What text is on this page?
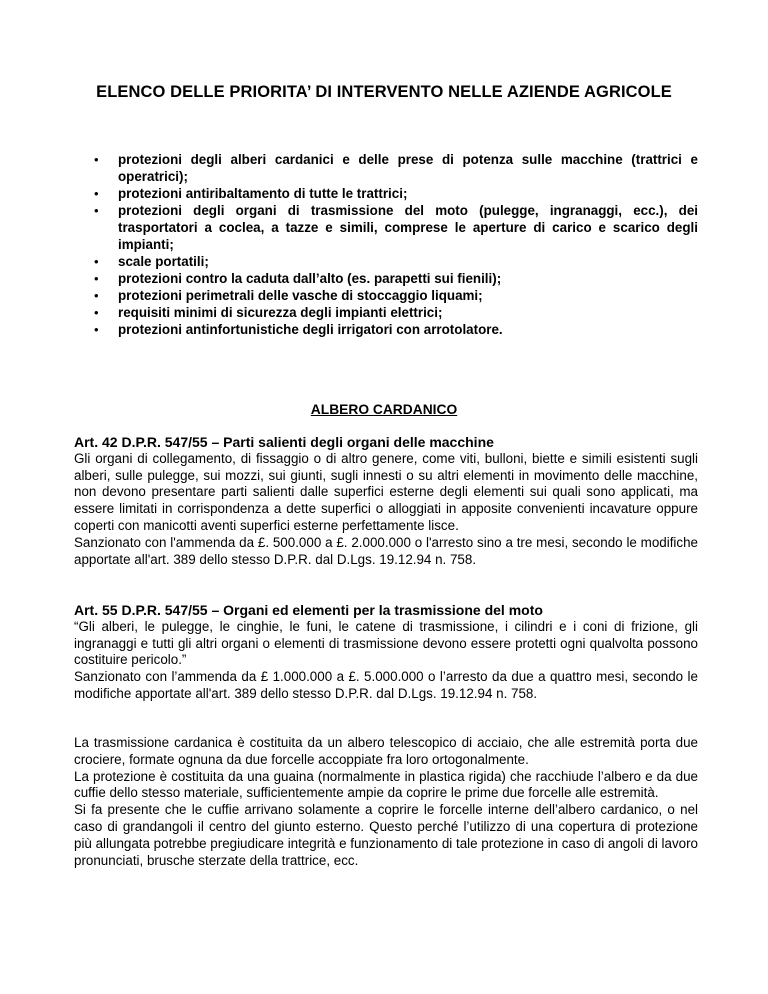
ELENCO DELLE PRIORITA’ DI INTERVENTO NELLE AZIENDE AGRICOLE
• protezioni degli alberi cardanici e delle prese di potenza sulle macchine (trattrici e operatrici);
• protezioni antiribaltamento di tutte le trattrici;
• protezioni degli organi di trasmissione del moto (pulegge, ingranaggi, ecc.), dei trasportatori a coclea, a tazze e simili, comprese le aperture di carico e scarico degli impianti;
• scale portatili;
• protezioni contro la caduta dall’alto (es. parapetti sui fienili);
• protezioni perimetrali delle vasche di stoccaggio liquami;
• requisiti minimi di sicurezza degli impianti elettrici;
• protezioni antinfortunistiche degli irrigatori con arrotolatore.
ALBERO CARDANICO

Art. 42 D.P.R. 547/55 – Parti salienti degli organi delle macchine

Gli organi di collegamento, di fissaggio o di altro genere, come viti, bulloni, biette e simili esistenti sugli alberi, sulle pulegge, sui mozzi, sui giunti, sugli innesti o su altri elementi in movimento delle macchine, non devono presentare parti salienti dalle superfici esterne degli elementi sui quali sono applicati, ma essere limitati in corrispondenza a dette superfici o alloggiati in apposite convenienti incavature oppure coperti con manicotti aventi superfici esterne perfettamente lisce.

Sanzionato con l'ammenda da £. 500.000 a £. 2.000.000 o l'arresto sino a tre mesi, secondo le modifiche apportate all'art. 389 dello stesso D.P.R. dal D.Lgs. 19.12.94 n. 758.

Art. 55 D.P.R. 547/55 – Organi ed elementi per la trasmissione del moto

“Gli alberi, le pulegge, le cinghie, le funi, le catene di trasmissione, i cilindri e i coni di frizione, gli ingranaggi e tutti gli altri organi o elementi di trasmissione devono essere protetti ogni qualvolta possono costituire pericolo.”

Sanzionato con l’ammenda da £ 1.000.000 a £. 5.000.000 o l’arresto da due a quattro mesi, secondo le modifiche apportate all'art. 389 dello stesso D.P.R. dal D.Lgs. 19.12.94 n. 758.

La trasmissione cardanica è costituita da un albero telescopico di acciaio, che alle estremità porta due crociere, formate ognuna da due forcelle accoppiate fra loro ortogonalmente.

La protezione è costituita da una guaina (normalmente in plastica rigida) che racchiude l’albero e da due cuffie dello stesso materiale, sufficientemente ampie da coprire le prime due forcelle alle estremità.

Si fa presente che le cuffie arrivano solamente a coprire le forcelle interne dell’albero cardanico, o nel caso di grandangoli il centro del giunto esterno. Questo perché l’utilizzo di una copertura di protezione più allungata potrebbe pregiudicare integrità e funzionamento di tale protezione in caso di angoli di lavoro pronunciati, brusche sterzate della trattrice, ecc.
